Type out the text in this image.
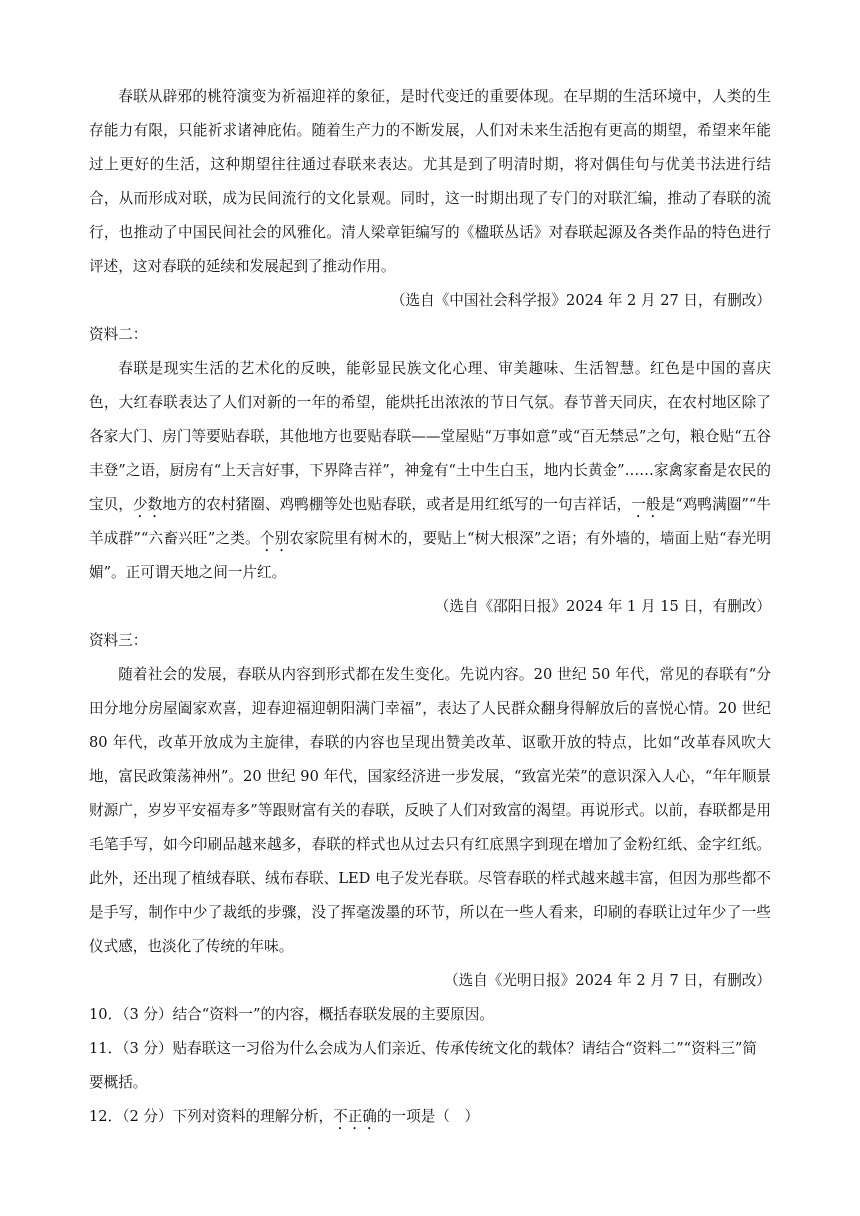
春联从辟邪的桃符演变为祈福迎祥的象征，是时代变迁的重要体现。在早期的生活环境中，人类的生存能力有限，只能祈求诸神庇佑。随着生产力的不断发展，人们对未来生活抱有更高的期望，希望来年能过上更好的生活，这种期望往往通过春联来表达。尤其是到了明清时期，将对偶佳句与优美书法进行结合，从而形成对联，成为民间流行的文化景观。同时，这一时期出现了专门的对联汇编，推动了春联的流行，也推动了中国民间社会的风雅化。清人梁章钜编写的《楹联丛话》对春联起源及各类作品的特色进行评述，这对春联的延续和发展起到了推动作用。

（选自《中国社会科学报》2024 年 2 月 27 日，有删改）

资料二：

春联是现实生活的艺术化的反映，能彰显民族文化心理、审美趣味、生活智慧。红色是中国的喜庆色，大红春联表达了人们对新的一年的希望，能烘托出浓浓的节日气氛。春节普天同庆，在农村地区除了各家大门、房门等要贴春联，其他地方也要贴春联——堂屋贴“万事如意”或“百无禁忌”之句，粮仓贴“五谷丰登”之语，厨房有“上天言好事，下界降吉祥”，神龛有“土中生白玉，地内长黄金”……家禽家畜是农民的宝贝，少数地方的农村猪圈、鸡鸭棚等处也贴春联，或者是用红纸写的一句吉祥话，一般是“鸡鸭满圈”“牛羊成群”“六畜兴旺”之类。个别农家院里有树木的，要贴上“树大根深”之语；有外墙的，墙面上贴“春光明媚”。正可谓天地之间一片红。

（选自《邵阳日报》2024 年 1 月 15 日，有删改）

资料三：

随着社会的发展，春联从内容到形式都在发生变化。先说内容。20 世纪 50 年代，常见的春联有“分田分地分房屋阖家欢喜，迎春迎福迎朝阳满门幸福”，表达了人民群众翻身得解放后的喜悦心情。20 世纪 80 年代，改革开放成为主旋律，春联的内容也呈现出赞美改革、讴歌开放的特点，比如“改革春风吹大地，富民政策荡神州”。20 世纪 90 年代，国家经济进一步发展，“致富光荣”的意识深入人心，“年年顺景财源广，岁岁平安福寿多”等跟财富有关的春联，反映了人们对致富的渴望。再说形式。以前，春联都是用毛笔手写，如今印刷品越来越多，春联的样式也从过去只有红底黑字到现在增加了金粉红纸、金字红纸。此外，还出现了植绒春联、绒布春联、LED 电子发光春联。尽管春联的样式越来越丰富，但因为那些都不是手写，制作中少了裁纸的步骤，没了挥毫泼墨的环节，所以在一些人看来，印刷的春联让过年少了一些仪式感，也淡化了传统的年味。

（选自《光明日报》2024 年 2 月 7 日，有删改）

10．（3 分）结合“资料一”的内容，概括春联发展的主要原因。

11．（3 分）贴春联这一习俗为什么会成为人们亲近、传承传统文化的载体？请结合“资料二”“资料三”简要概括。

12．（2 分）下列对资料的理解分析，不正确的一项是（　）
